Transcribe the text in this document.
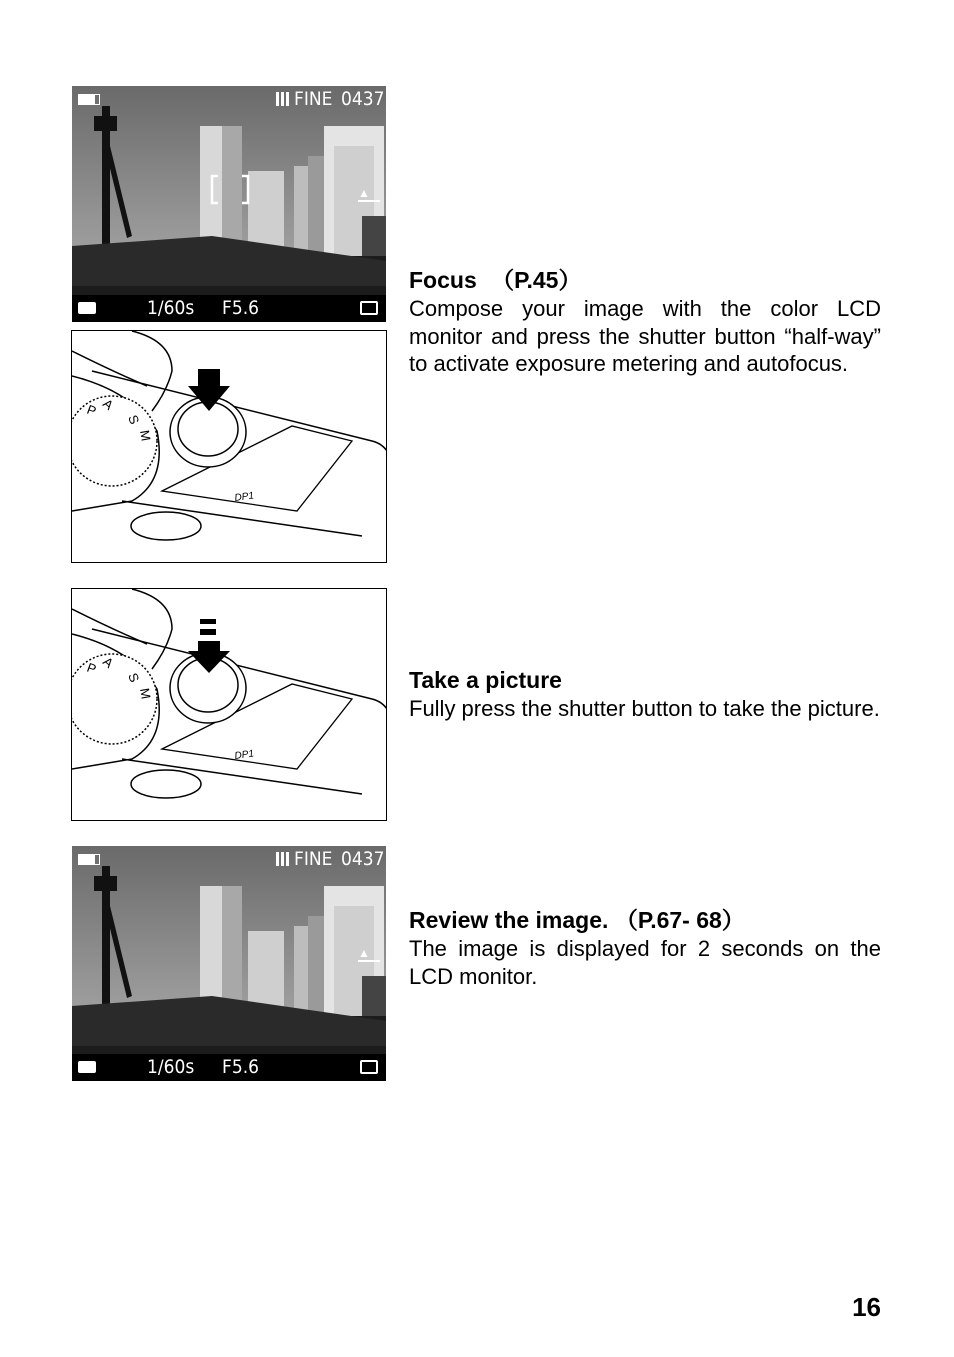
FINE 0437
▲
1/60s F5.6
DP1
P A
S
M
DP1
P A
S
M
FINE 0437
▲
1/60s F5.6
Focus （P.45）
Compose your image with the color LCD monitor and press the shutter button “half-way” to activate exposure metering and autofocus.
Take a picture
Fully press the shutter button to take the picture.
Review the image. （P.67- 68）
The image is displayed for 2 seconds on the LCD monitor.
16
